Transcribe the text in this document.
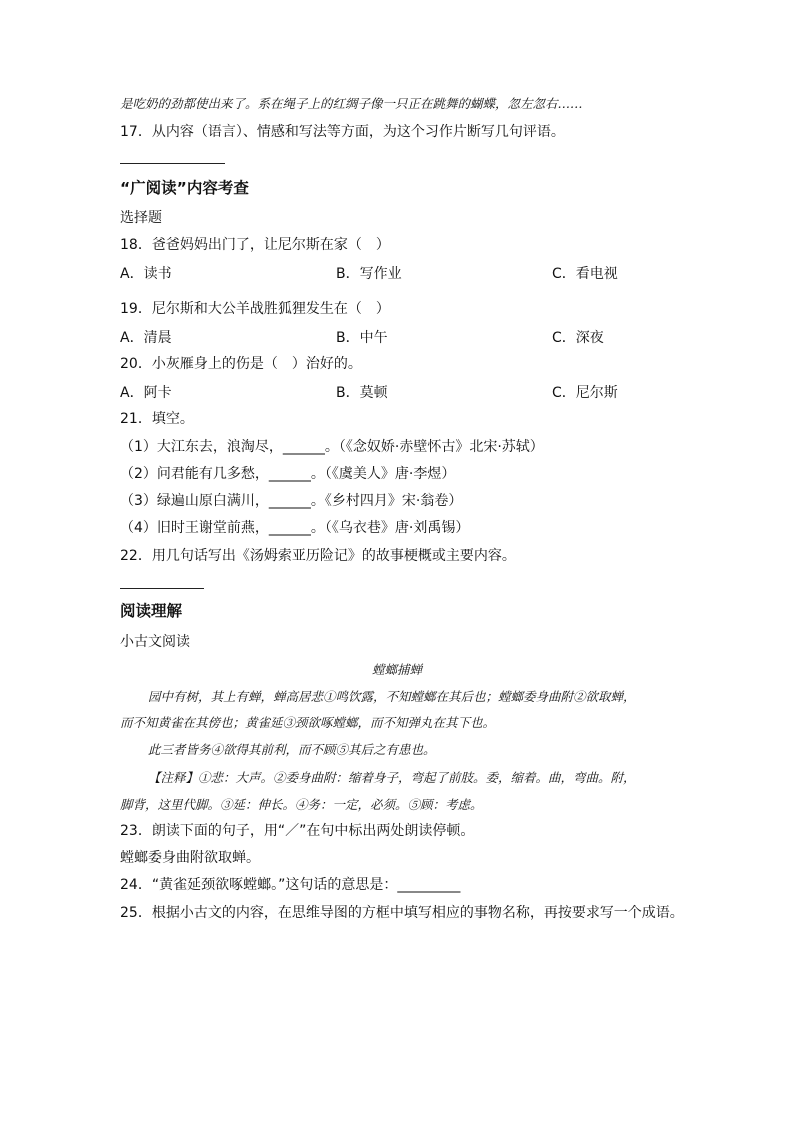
是吃奶的劲都使出来了。系在绳子上的红绸子像一只正在跳舞的蝴蝶，忽左忽右……
17．从内容（语言）、情感和写法等方面，为这个习作片断写几句评语。
“广阅读”内容考查
选择题
18．爸爸妈妈出门了，让尼尔斯在家（　）
A．读书	B．写作业	C．看电视
19．尼尔斯和大公羊战胜狐狸发生在（　）
A．清晨	B．中午	C．深夜
20．小灰雁身上的伤是（　）治好的。
A．阿卡	B．莫顿	C．尼尔斯
21．填空。
（1）大江东去，浪淘尽，______。（《念奴娇·赤壁怀古》北宋·苏轼）
（2）问君能有几多愁，______。（《虞美人》唐·李煜）
（3）绿遍山原白满川，______。《乡村四月》宋·翁卷）
（4）旧时王谢堂前燕，______。（《乌衣巷》唐·刘禹锡）
22．用几句话写出《汤姆索亚历险记》的故事梗概或主要内容。
阅读理解
小古文阅读
螳螂捕蝉
园中有树，其上有蝉，蝉高居悲①鸣饮露，不知螳螂在其后也；螳螂委身曲附②欲取蝉，
而不知黄雀在其傍也；黄雀延③颈欲啄螳螂，而不知弹丸在其下也。
此三者皆务④欲得其前利，而不顾⑤其后之有患也。
【注释】①悲：大声。②委身曲附：缩着身子，弯起了前肢。委，缩着。曲，弯曲。附，
脚背，这里代脚。③延：伸长。④务：一定，必须。⑤顾：考虑。
23．朗读下面的句子，用“／”在句中标出两处朗读停顿。
螳螂委身曲附欲取蝉。
24．“黄雀延颈欲啄螳螂。”这句话的意思是：_________
25．根据小古文的内容，在思维导图的方框中填写相应的事物名称，再按要求写一个成语。
